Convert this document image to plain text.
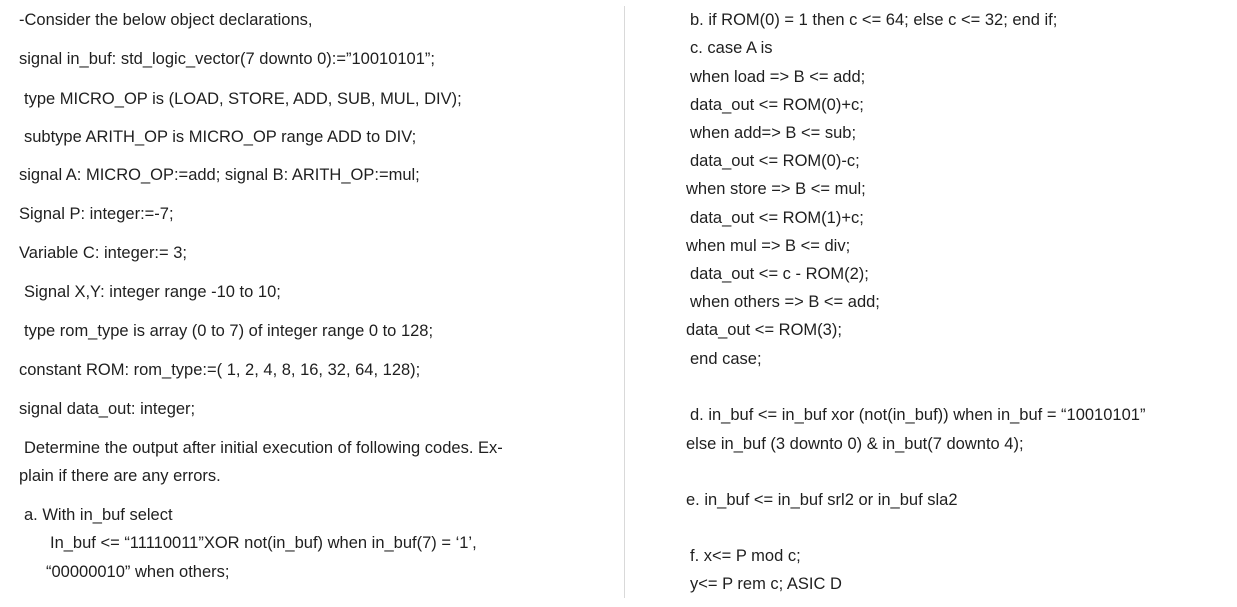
-Consider the below object declarations,
signal in_buf: std_logic_vector(7 downto 0):=”10010101”;
type MICRO_OP is (LOAD, STORE, ADD, SUB, MUL, DIV);
subtype ARITH_OP is MICRO_OP range ADD to DIV;
signal A: MICRO_OP:=add; signal B: ARITH_OP:=mul;
Signal P: integer:=-7;
Variable C: integer:= 3;
Signal X,Y: integer range -10 to 10;
type rom_type is array (0 to 7) of integer range 0 to 128;
constant ROM: rom_type:=( 1, 2, 4, 8, 16, 32, 64, 128);
signal data_out: integer;
Determine the output after initial execution of following codes. Ex-
plain if there are any errors.
a. With in_buf select
In_buf <= “11110011”XOR not(in_buf) when in_buf(7) = ‘1’,
“00000010” when others;
b. if ROM(0) = 1 then c <= 64; else c <= 32; end if;
c. case A is
when load => B <= add;
data_out <= ROM(0)+c;
when add=> B <= sub;
data_out <= ROM(0)-c;
when store => B <= mul;
data_out <= ROM(1)+c;
when mul => B <= div;
data_out <= c - ROM(2);
when others => B <= add;
data_out <= ROM(3);
end case;
d. in_buf <= in_buf xor (not(in_buf)) when in_buf = “10010101”
else in_buf (3 downto 0) & in_but(7 downto 4);
e. in_buf <= in_buf srl2 or in_buf sla2
f. x<= P mod c;
y<= P rem c; ASIC D
